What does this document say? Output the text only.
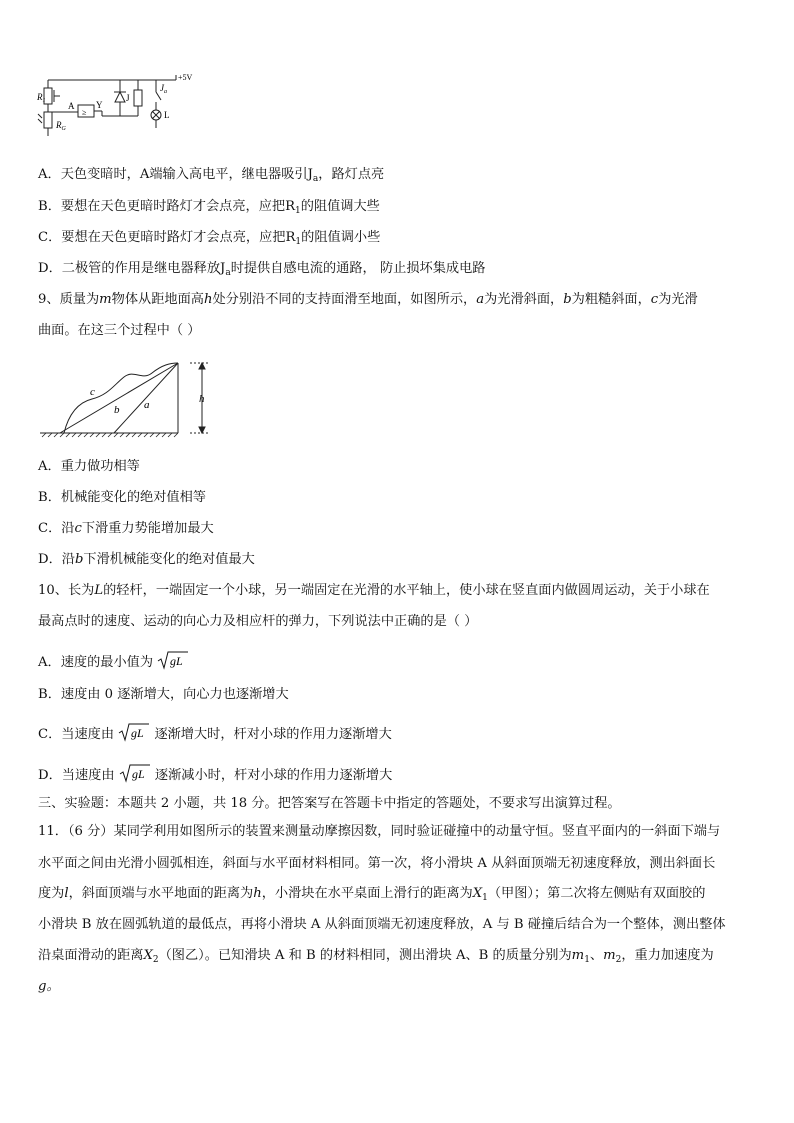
+5V
$R_1$
$R_G$
A
≥
Y
J
$J_a$
L
A．天色变暗时，A端输入高电平，继电器吸引$J_a$，路灯点亮
B．要想在天色更暗时路灯才会点亮，应把$R_1$的阻值调大些
C．要想在天色更暗时路灯才会点亮，应把$R_1$的阻值调小些
D．二极管的作用是继电器释放$J_a$时提供自感电流的通路， 防止损坏集成电路
9、质量为m物体从距地面高h处分别沿不同的支持面滑至地面，如图所示，a为光滑斜面，b为粗糙斜面，c为光滑
曲面。在这三个过程中（ ）
c
b a	h
A．重力做功相等
B．机械能变化的绝对值相等
C．沿c下滑重力势能增加最大
D．沿b下滑机械能变化的绝对值最大
10、长为L的轻杆，一端固定一个小球，另一端固定在光滑的水平轴上，使小球在竖直面内做圆周运动，关于小球在
最高点时的速度、运动的向心力及相应杆的弹力，下列说法中正确的是（ ）
A．速度的最小值为 gL
B．速度由 0 逐渐增大，向心力也逐渐增大
C．当速度由 gL 逐渐增大时，杆对小球的作用力逐渐增大
D．当速度由 gL 逐渐减小时，杆对小球的作用力逐渐增大
三、实验题：本题共 2 小题，共 18 分。把答案写在答题卡中指定的答题处，不要求写出演算过程。
11．（6 分）某同学利用如图所示的装置来测量动摩擦因数，同时验证碰撞中的动量守恒。竖直平面内的一斜面下端与
水平面之间由光滑小圆弧相连，斜面与水平面材料相同。第一次，将小滑块 A 从斜面顶端无初速度释放，测出斜面长
度为l，斜面顶端与水平地面的距离为h，小滑块在水平桌面上滑行的距离为$X_1$（甲图）；第二次将左侧贴有双面胶的
小滑块 B 放在圆弧轨道的最低点，再将小滑块 A 从斜面顶端无初速度释放，A 与 B 碰撞后结合为一个整体，测出整体
沿桌面滑动的距离$X_2$（图乙）。已知滑块 A 和 B 的材料相同，测出滑块 A、B 的质量分别为$m_1$、$m_2$，重力加速度为
g。
